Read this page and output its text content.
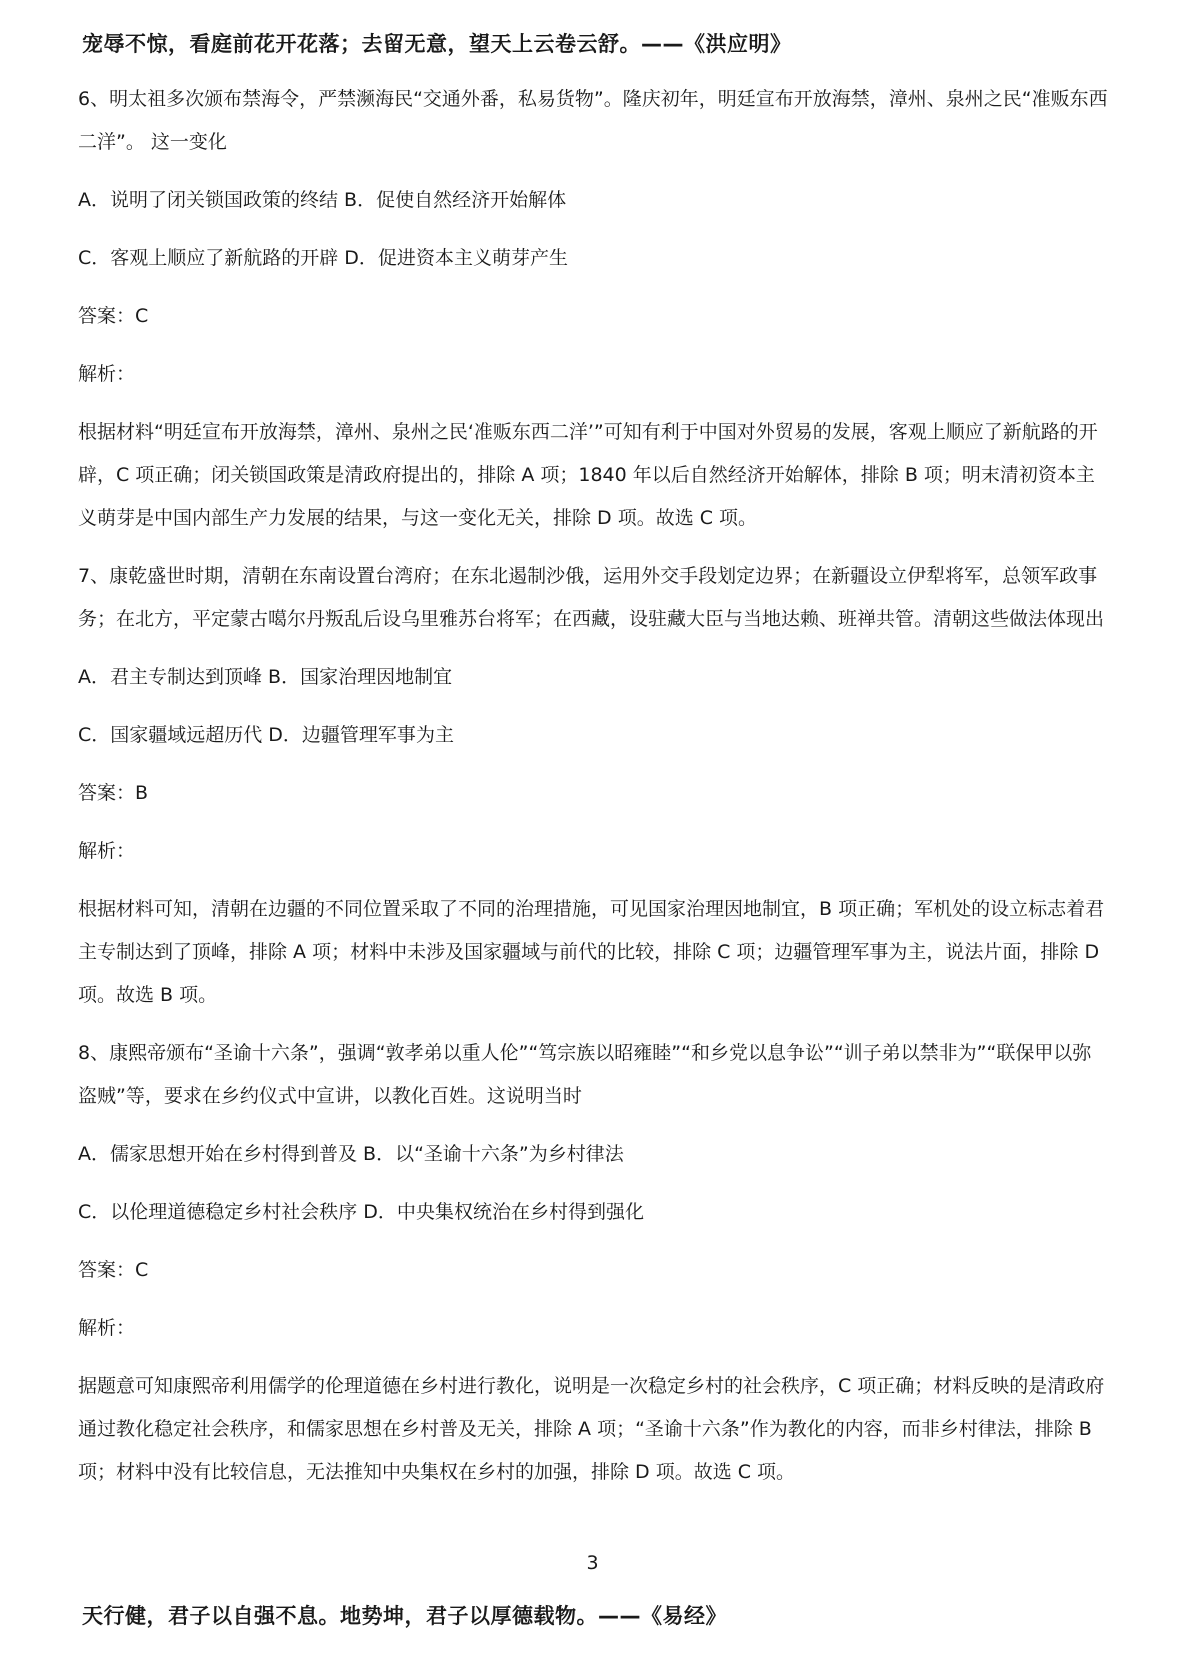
宠辱不惊，看庭前花开花落；去留无意，望天上云卷云舒。——《洪应明》

6、明太祖多次颁布禁海令，严禁濒海民“交通外番，私易货物”。隆庆初年，明廷宣布开放海禁，漳州、泉州之民“准贩东西二洋”。 这一变化

A．说明了闭关锁国政策的终结 B．促使自然经济开始解体

C．客观上顺应了新航路的开辟 D．促进资本主义萌芽产生

答案：C

解析：

根据材料“明廷宣布开放海禁，漳州、泉州之民‘准贩东西二洋’”可知有利于中国对外贸易的发展，客观上顺应了新航路的开辟，C 项正确；闭关锁国政策是清政府提出的，排除 A 项；1840 年以后自然经济开始解体，排除 B 项；明末清初资本主义萌芽是中国内部生产力发展的结果，与这一变化无关，排除 D 项。故选 C 项。

7、康乾盛世时期，清朝在东南设置台湾府；在东北遏制沙俄，运用外交手段划定边界；在新疆设立伊犁将军，总领军政事务；在北方，平定蒙古噶尔丹叛乱后设乌里雅苏台将军；在西藏，设驻藏大臣与当地达赖、班禅共管。清朝这些做法体现出

A．君主专制达到顶峰 B．国家治理因地制宜

C．国家疆域远超历代 D．边疆管理军事为主

答案：B

解析：

根据材料可知，清朝在边疆的不同位置采取了不同的治理措施，可见国家治理因地制宜，B 项正确；军机处的设立标志着君主专制达到了顶峰，排除 A 项；材料中未涉及国家疆域与前代的比较，排除 C 项；边疆管理军事为主，说法片面，排除 D 项。故选 B 项。

8、康熙帝颁布“圣谕十六条”，强调“敦孝弟以重人伦”“笃宗族以昭雍睦”“和乡党以息争讼”“训子弟以禁非为”“联保甲以弥盗贼”等，要求在乡约仪式中宣讲，以教化百姓。这说明当时

A．儒家思想开始在乡村得到普及 B．以“圣谕十六条”为乡村律法

C．以伦理道德稳定乡村社会秩序 D．中央集权统治在乡村得到强化

答案：C

解析：

据题意可知康熙帝利用儒学的伦理道德在乡村进行教化，说明是一次稳定乡村的社会秩序，C 项正确；材料反映的是清政府通过教化稳定社会秩序，和儒家思想在乡村普及无关，排除 A 项；“圣谕十六条”作为教化的内容，而非乡村律法，排除 B 项；材料中没有比较信息，无法推知中央集权在乡村的加强，排除 D 项。故选 C 项。

3
天行健，君子以自强不息。地势坤，君子以厚德载物。——《易经》
